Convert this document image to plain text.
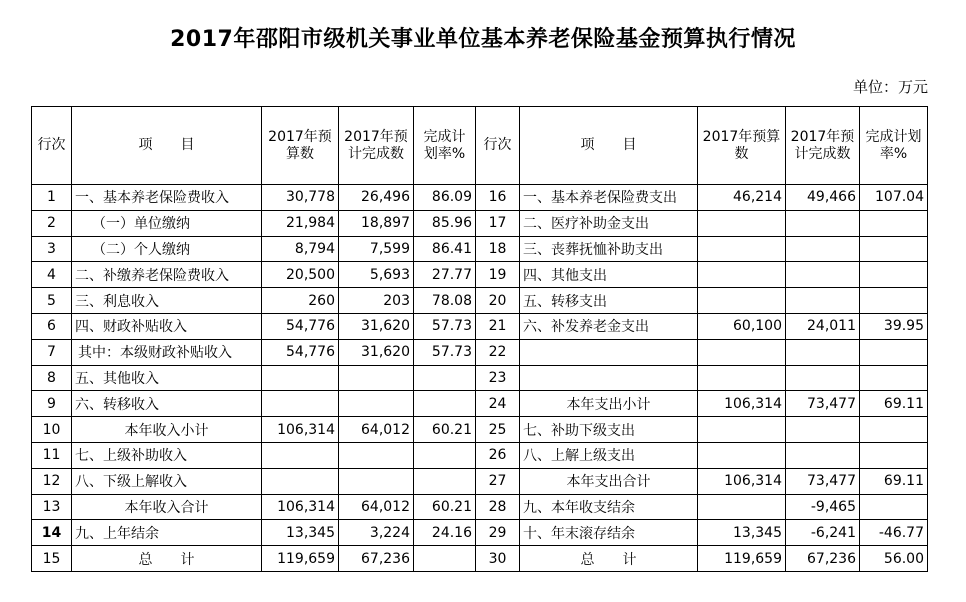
2017年邵阳市级机关事业单位基本养老保险基金预算执行情况
单位：万元
行次	项　　目	2017年预算数	2017年预计完成数	完成计划率%	行次	项　　目	2017年预算数	2017年预计完成数	完成计划率%
1	一、基本养老保险费收入	30,778	26,496	86.09	16	一、基本养老保险费支出	46,214	49,466	107.04
2	（一）单位缴纳	21,984	18,897	85.96	17	二、医疗补助金支出			
3	（二）个人缴纳	8,794	7,599	86.41	18	三、丧葬抚恤补助支出			
4	二、补缴养老保险费收入	20,500	5,693	27.77	19	四、其他支出			
5	三、利息收入	260	203	78.08	20	五、转移支出			
6	四、财政补贴收入	54,776	31,620	57.73	21	六、补发养老金支出	60,100	24,011	39.95
7	其中：本级财政补贴收入	54,776	31,620	57.73	22				
8	五、其他收入				23				
9	六、转移收入				24	本年支出小计	106,314	73,477	69.11
10	本年收入小计	106,314	64,012	60.21	25	七、补助下级支出			
11	七、上级补助收入				26	八、上解上级支出			
12	八、下级上解收入				27	本年支出合计	106,314	73,477	69.11
13	本年收入合计	106,314	64,012	60.21	28	九、本年收支结余		-9,465	
14	九、上年结余	13,345	3,224	24.16	29	十、年末滚存结余	13,345	-6,241	-46.77
15	总　　计	119,659	67,236		30	总　　计	119,659	67,236	56.00
